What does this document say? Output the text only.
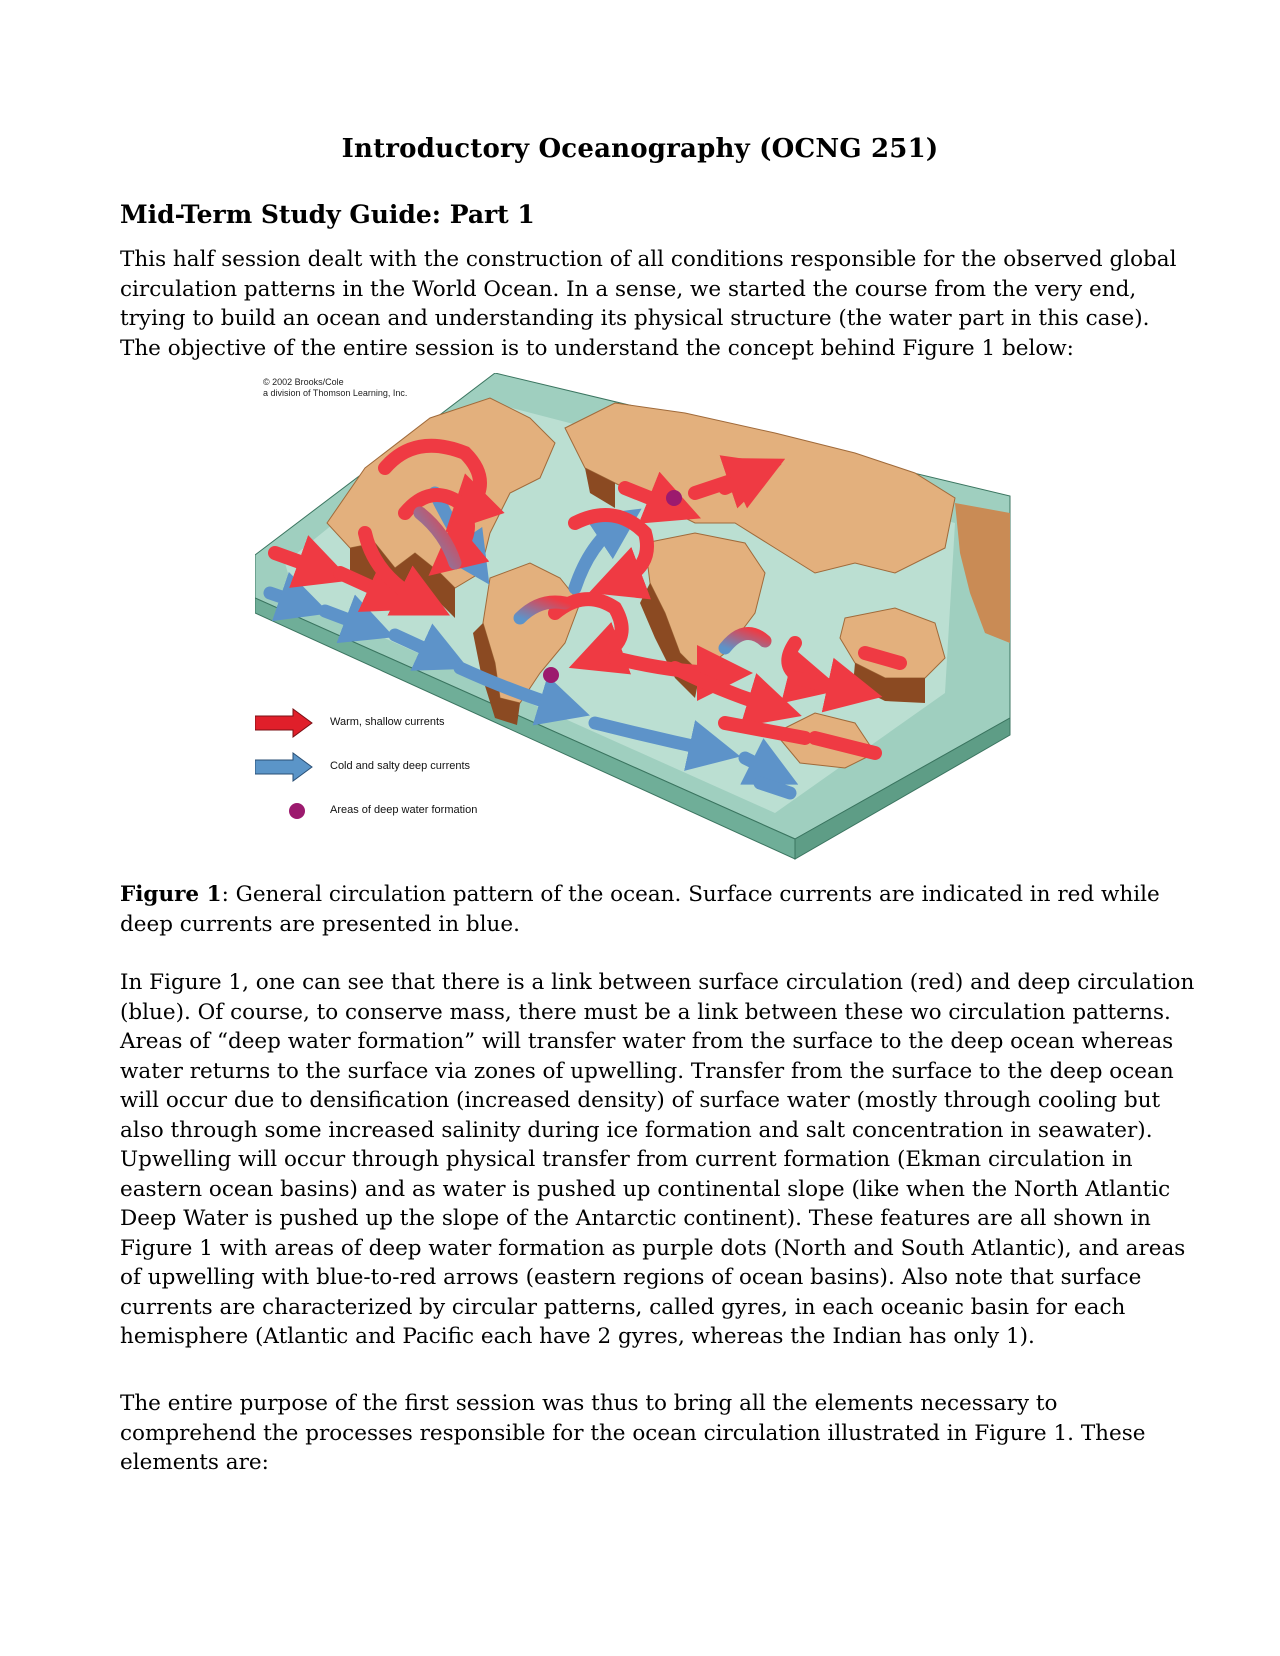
Introductory Oceanography (OCNG 251)
Mid-Term Study Guide: Part 1

This half session dealt with the construction of all conditions responsible for the observed global

circulation patterns in the World Ocean. In a sense, we started the course from the very end,

trying to build an ocean and understanding its physical structure (the water part in this case).

The objective of the entire session is to understand the concept behind Figure 1 below:

© 2002 Brooks/Cole
a division of Thomson Learning, Inc.
Warm, shallow currents
Cold and salty deep currents
Areas of deep water formation

Figure 1: General circulation pattern of the ocean. Surface currents are indicated in red while

deep currents are presented in blue.

In Figure 1, one can see that there is a link between surface circulation (red) and deep circulation

(blue). Of course, to conserve mass, there must be a link between these wo circulation patterns.

Areas of “deep water formation” will transfer water from the surface to the deep ocean whereas

water returns to the surface via zones of upwelling. Transfer from the surface to the deep ocean

will occur due to densification (increased density) of surface water (mostly through cooling but

also through some increased salinity during ice formation and salt concentration in seawater).

Upwelling will occur through physical transfer from current formation (Ekman circulation in

eastern ocean basins) and as water is pushed up continental slope (like when the North Atlantic

Deep Water is pushed up the slope of the Antarctic continent). These features are all shown in

Figure 1 with areas of deep water formation as purple dots (North and South Atlantic), and areas

of upwelling with blue-to-red arrows (eastern regions of ocean basins). Also note that surface

currents are characterized by circular patterns, called gyres, in each oceanic basin for each

hemisphere (Atlantic and Pacific each have 2 gyres, whereas the Indian has only 1).

The entire purpose of the first session was thus to bring all the elements necessary to

comprehend the processes responsible for the ocean circulation illustrated in Figure 1. These

elements are:
